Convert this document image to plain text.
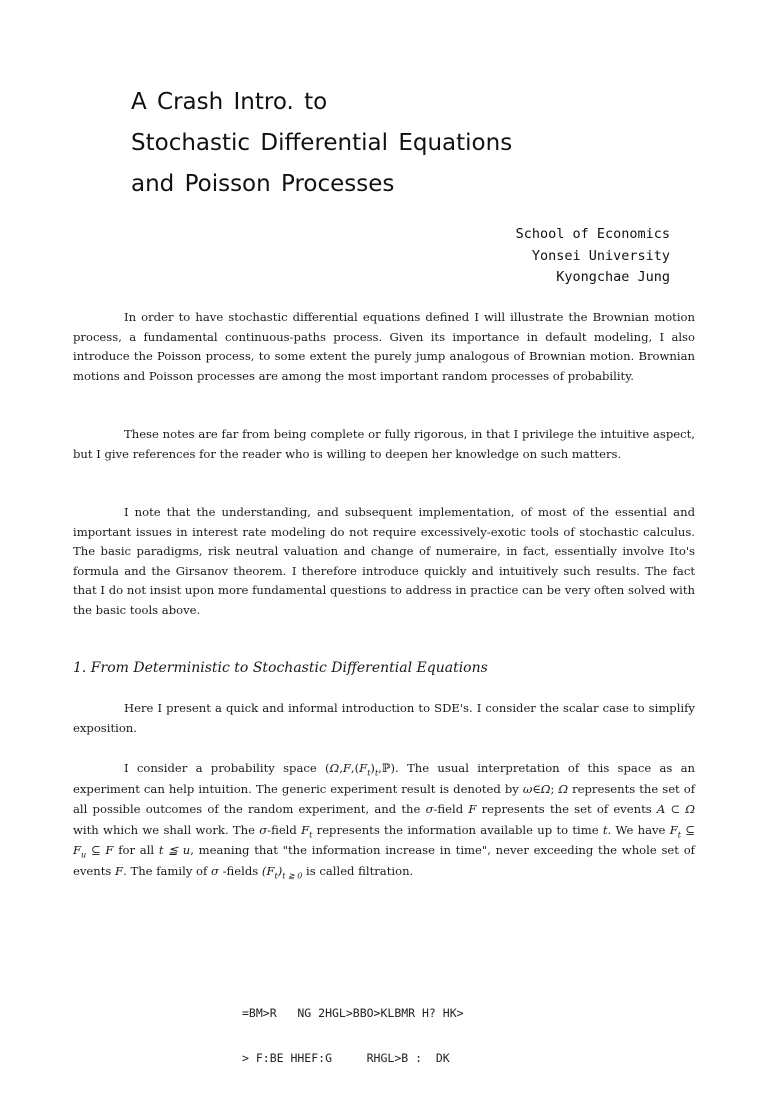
A Crash Intro. to
Stochastic Differential Equations
and Poisson Processes
School of Economics
Yonsei University
Kyongchae Jung

In order to have stochastic differential equations defined I will illustrate the Brownian motion process, a fundamental continuous-paths process. Given its importance in default modeling, I also introduce the Poisson process, to some extent the purely jump analogous of Brownian motion. Brownian motions and Poisson processes are among the most important random processes of probability.

These notes are far from being complete or fully rigorous, in that I privilege the intuitive aspect, but I give references for the reader who is willing to deepen her knowledge on such matters.

I note that the understanding, and subsequent implementation, of most of the essential and important issues in interest rate modeling do not require excessively-exotic tools of stochastic calculus. The basic paradigms, risk neutral valuation and change of numeraire, in fact, essentially involve Ito's formula and the Girsanov theorem. I therefore introduce quickly and intuitively such results. The fact that I do not insist upon more fundamental questions to address in practice can be very often solved with the basic tools above.

1. From Deterministic to Stochastic Differential Equations

Here I present a quick and informal introduction to SDE's. I consider the scalar case to simplify exposition.

I consider a probability space $(\Omega,F,(F_t)_t,ℙ)$. The usual interpretation of this space as an experiment can help intuition. The generic experiment result is denoted by ω∈Ω; Ω represents the set of all possible outcomes of the random experiment, and the σ-field F represents the set of events A ⊂ Ω with which we shall work. The σ-field $F_t$ represents the information available up to time t. We have $F_t$ ⊆ $F_u$ ⊆ F for all t ≦ u, meaning that "the information increase in time", never exceeding the whole set of events F. The family of σ -fields $(F_t)_{t ≧ 0}$ is called filtration.

=BM>R   NG 2HGL>BBO>KLBMR H? HK>

> F:BE HHEF:G     RHGL>B :  DK
